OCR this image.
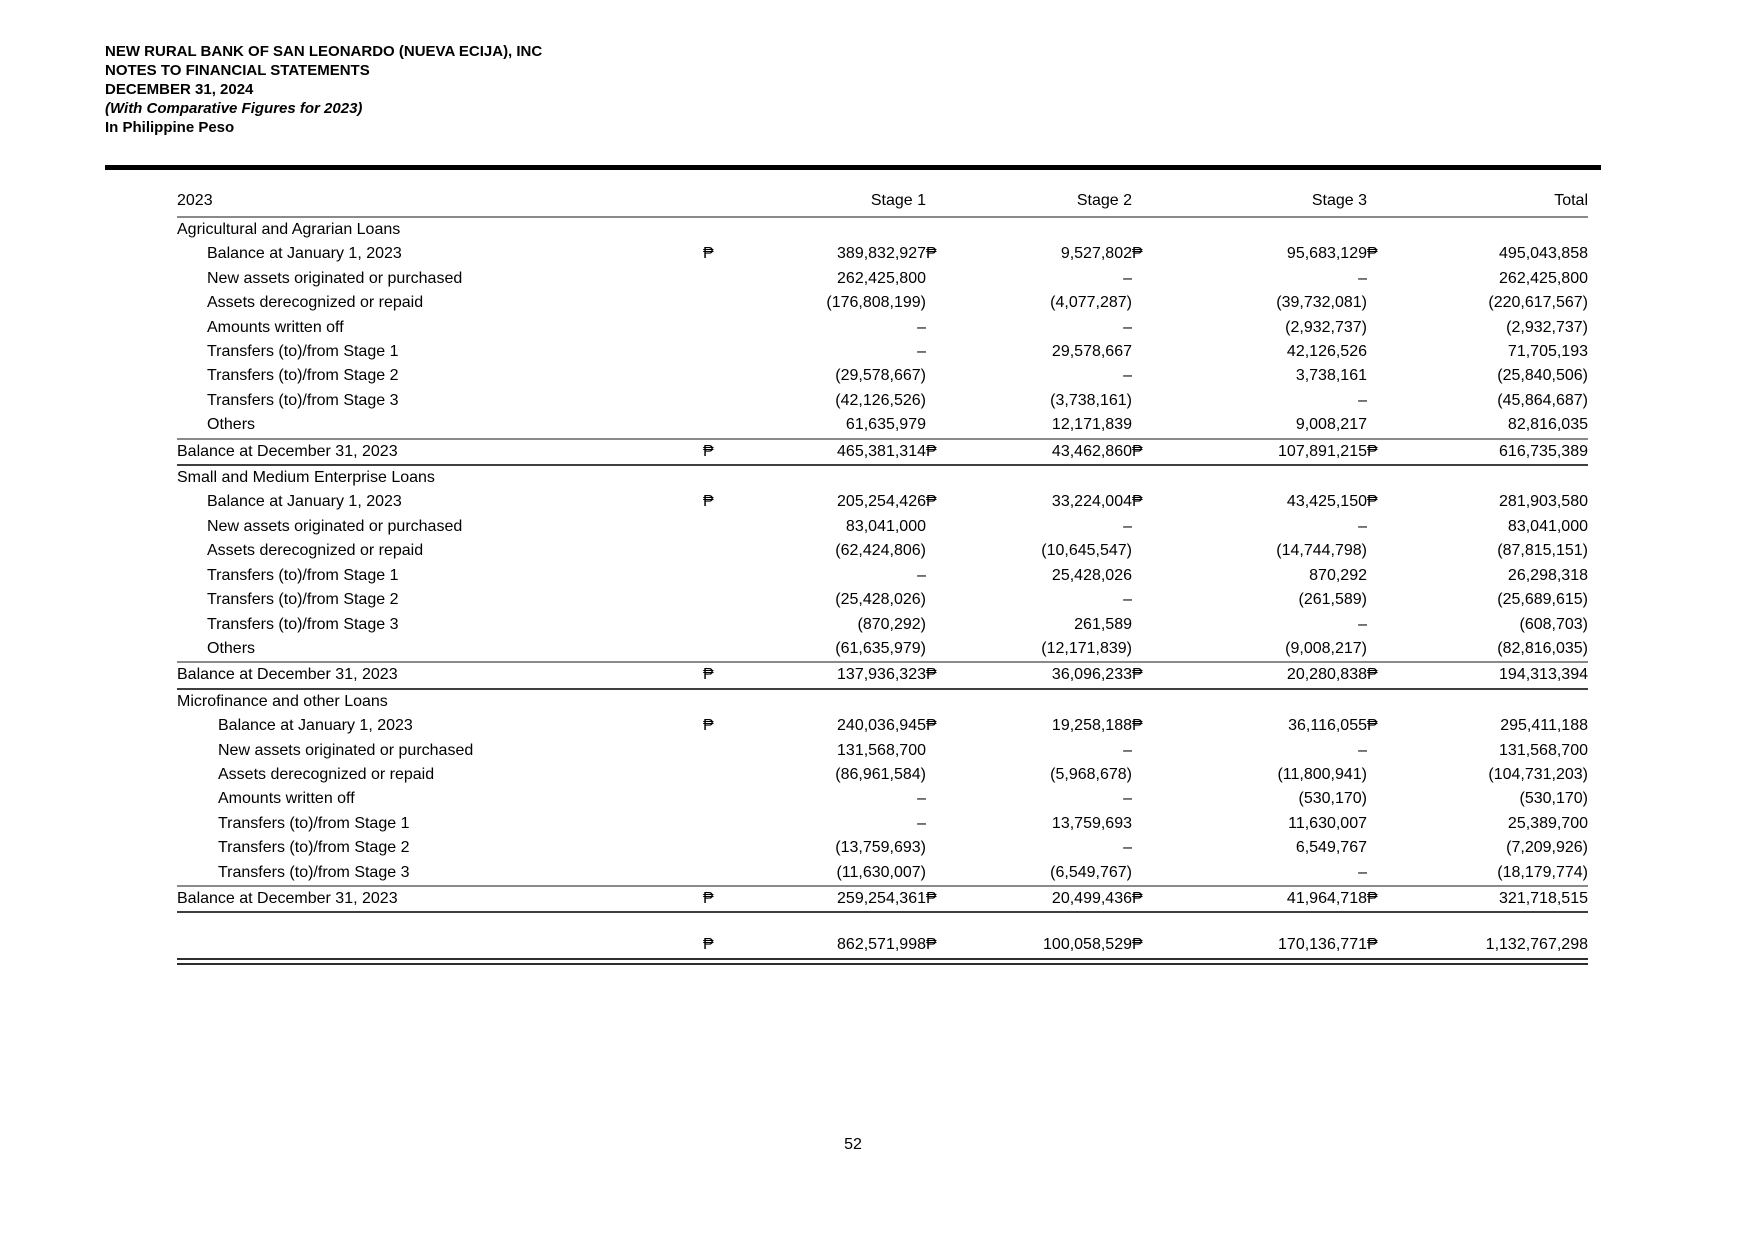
NEW RURAL BANK OF SAN LEONARDO (NUEVA ECIJA), INC
NOTES TO FINANCIAL STATEMENTS
DECEMBER 31, 2024
(With Comparative Figures for 2023)
In Philippine Peso
2023		Stage 1		Stage 2		Stage 3		Total
Agricultural and Agrarian Loans								
Balance at January 1, 2023	₱	389,832,927	₱	9,527,802	₱	95,683,129	₱	495,043,858
New assets originated or purchased		262,425,800		–		–		262,425,800
Assets derecognized or repaid		(176,808,199)		(4,077,287)		(39,732,081)		(220,617,567)
Amounts written off		–		–		(2,932,737)		(2,932,737)
Transfers (to)/from Stage 1		–		29,578,667		42,126,526		71,705,193
Transfers (to)/from Stage 2		(29,578,667)		–		3,738,161		(25,840,506)
Transfers (to)/from Stage 3		(42,126,526)		(3,738,161)		–		(45,864,687)
Others		61,635,979		12,171,839		9,008,217		82,816,035
Balance at December 31, 2023	₱	465,381,314	₱	43,462,860	₱	107,891,215	₱	616,735,389
Small and Medium Enterprise Loans								
Balance at January 1, 2023	₱	205,254,426	₱	33,224,004	₱	43,425,150	₱	281,903,580
New assets originated or purchased		83,041,000		–		–		83,041,000
Assets derecognized or repaid		(62,424,806)		(10,645,547)		(14,744,798)		(87,815,151)
Transfers (to)/from Stage 1		–		25,428,026		870,292		26,298,318
Transfers (to)/from Stage 2		(25,428,026)		–		(261,589)		(25,689,615)
Transfers (to)/from Stage 3		(870,292)		261,589		–		(608,703)
Others		(61,635,979)		(12,171,839)		(9,008,217)		(82,816,035)
Balance at December 31, 2023	₱	137,936,323	₱	36,096,233	₱	20,280,838	₱	194,313,394
Microfinance and other Loans								
Balance at January 1, 2023	₱	240,036,945	₱	19,258,188	₱	36,116,055	₱	295,411,188
New assets originated or purchased		131,568,700		–		–		131,568,700
Assets derecognized or repaid		(86,961,584)		(5,968,678)		(11,800,941)		(104,731,203)
Amounts written off		–		–		(530,170)		(530,170)
Transfers (to)/from Stage 1		–		13,759,693		11,630,007		25,389,700
Transfers (to)/from Stage 2		(13,759,693)		–		6,549,767		(7,209,926)
Transfers (to)/from Stage 3		(11,630,007)		(6,549,767)		–		(18,179,774)
Balance at December 31, 2023	₱	259,254,361	₱	20,499,436	₱	41,964,718	₱	321,718,515

	₱	862,571,998	₱	100,058,529	₱	170,136,771	₱	1,132,767,298
52
